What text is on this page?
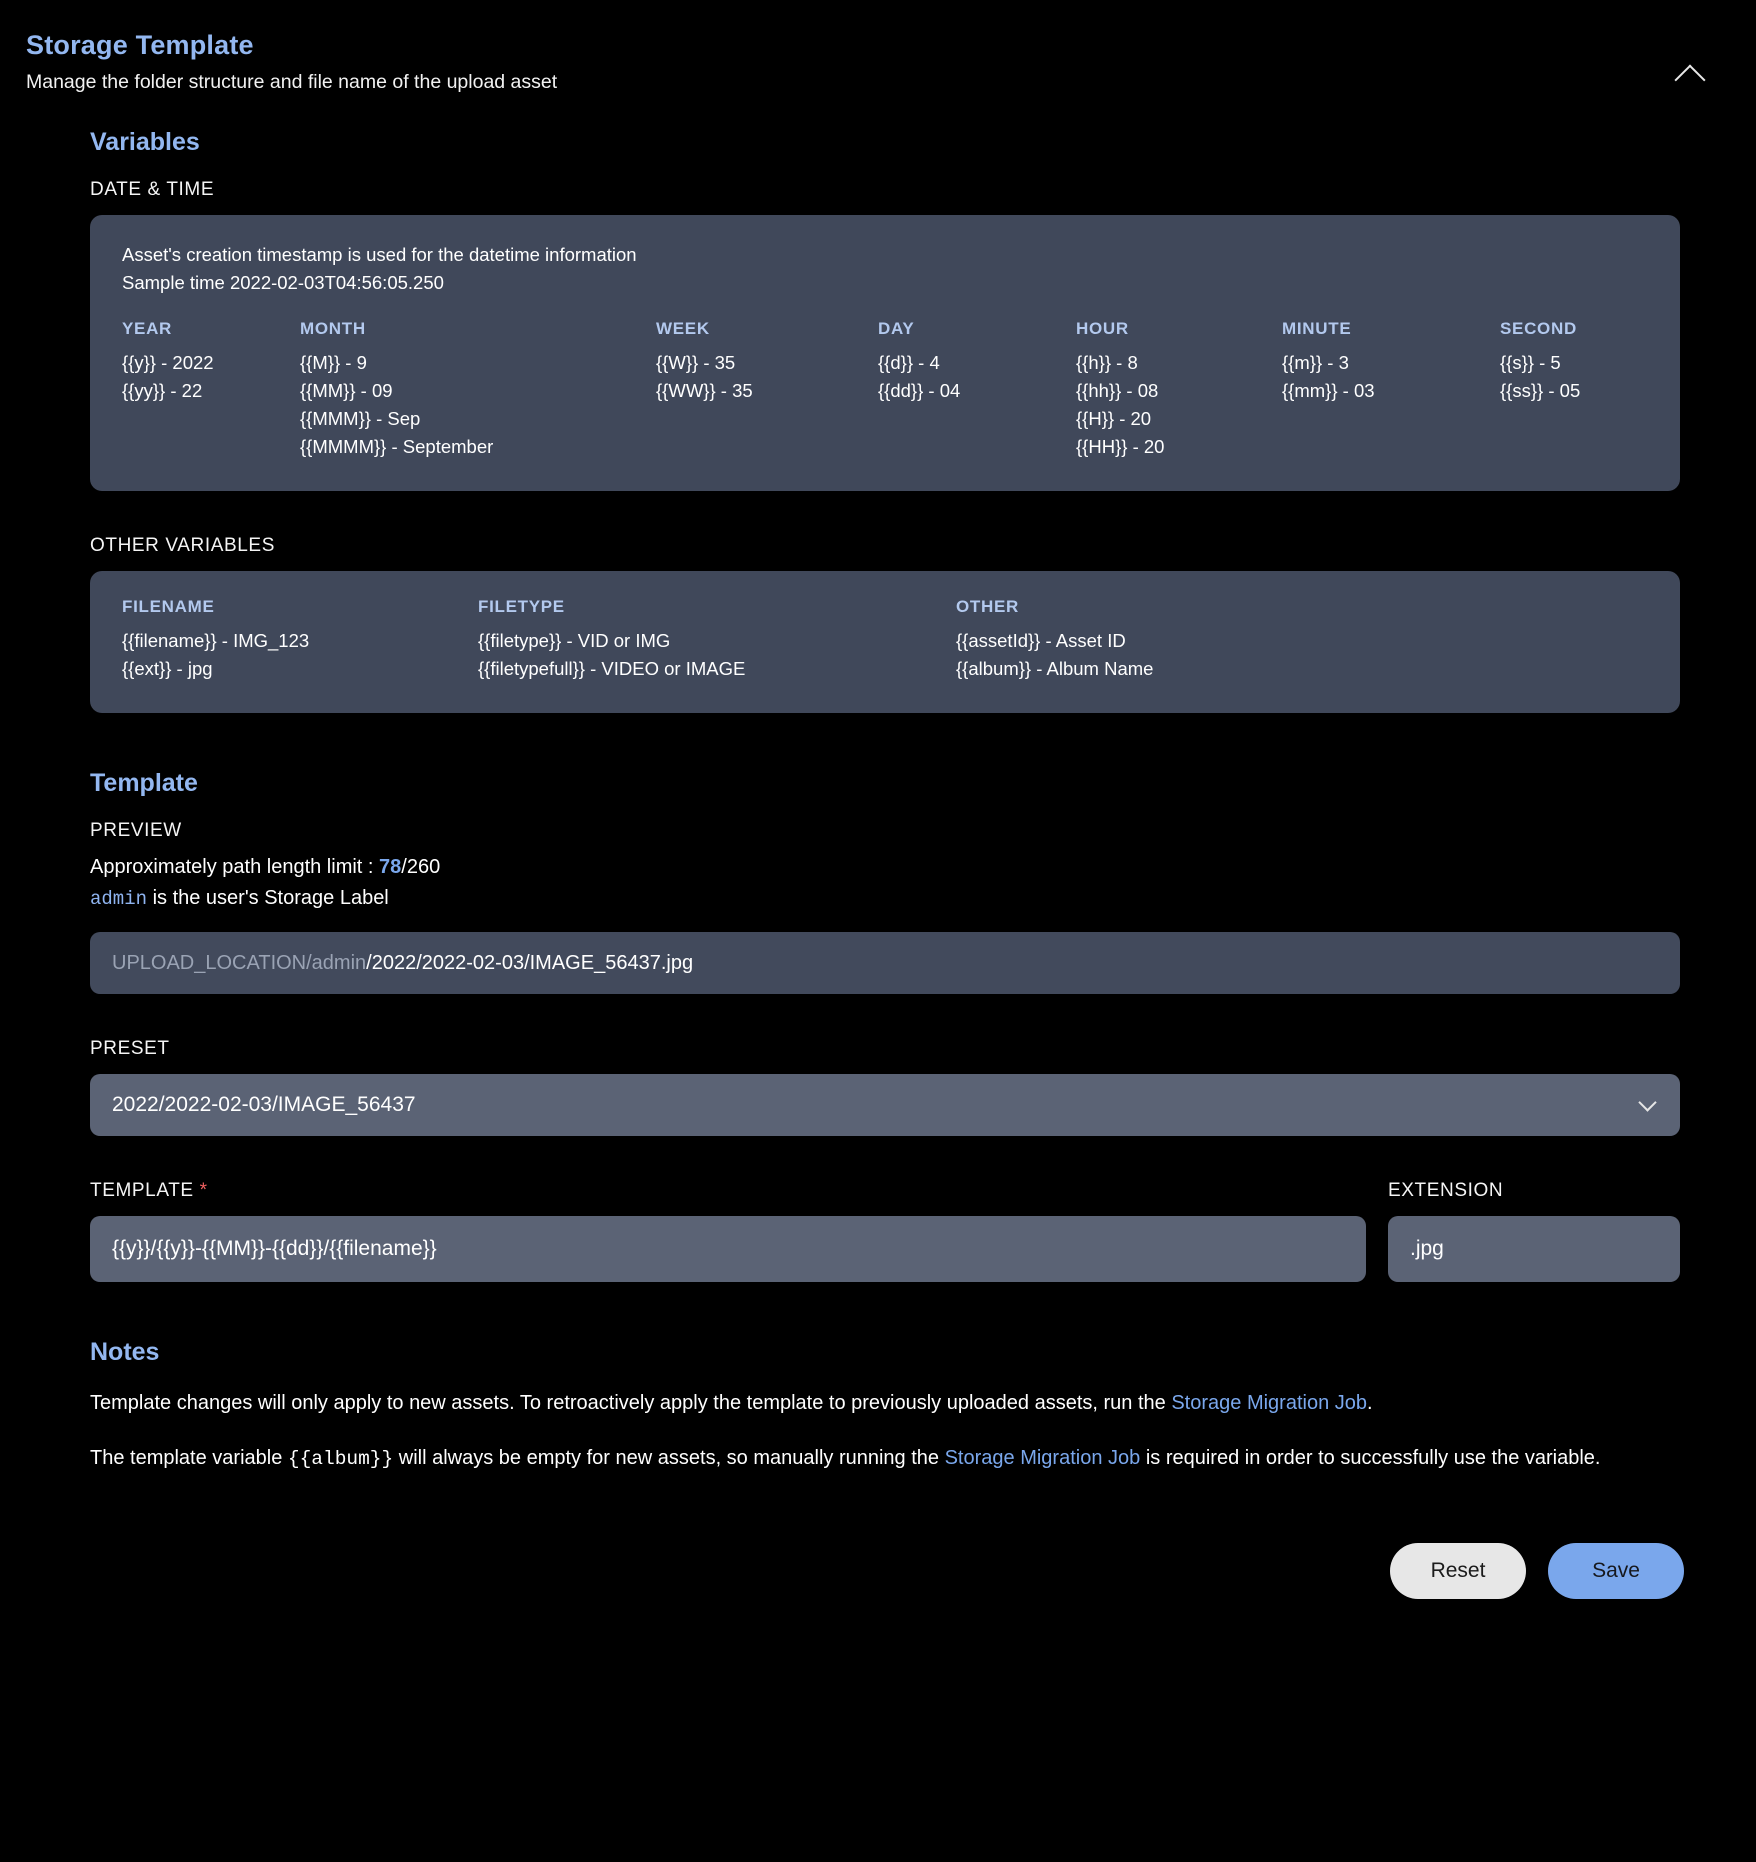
Storage Template
Manage the folder structure and file name of the upload asset
Variables
DATE & TIME
Asset's creation timestamp is used for the datetime information
Sample time 2022-02-03T04:56:05.250
YEAR
{{y}} - 2022
{{yy}} - 22
MONTH
{{M}} - 9
{{MM}} - 09
{{MMM}} - Sep
{{MMMM}} - September
WEEK
{{W}} - 35
{{WW}} - 35
DAY
{{d}} - 4
{{dd}} - 04
HOUR
{{h}} - 8
{{hh}} - 08
{{H}} - 20
{{HH}} - 20
MINUTE
{{m}} - 3
{{mm}} - 03
SECOND
{{s}} - 5
{{ss}} - 05
OTHER VARIABLES
FILENAME
{{filename}} - IMG_123
{{ext}} - jpg
FILETYPE
{{filetype}} - VID or IMG
{{filetypefull}} - VIDEO or IMAGE
OTHER
{{assetId}} - Asset ID
{{album}} - Album Name
Template
PREVIEW
Approximately path length limit : 78/260
admin is the user's Storage Label
UPLOAD_LOCATION/admin /2022/2022-02-03/IMAGE_56437.jpg
PRESET
2022/2022-02-03/IMAGE_56437
TEMPLATE *
{{y}}/{{y}}-{{MM}}-{{dd}}/{{filename}}	EXTENSION
.jpg
Notes
Template changes will only apply to new assets. To retroactively apply the template to previously uploaded assets, run the Storage Migration Job.
The template variable {{album}} will always be empty for new assets, so manually running the Storage Migration Job is required in order to successfully use the variable.
Reset	Save
